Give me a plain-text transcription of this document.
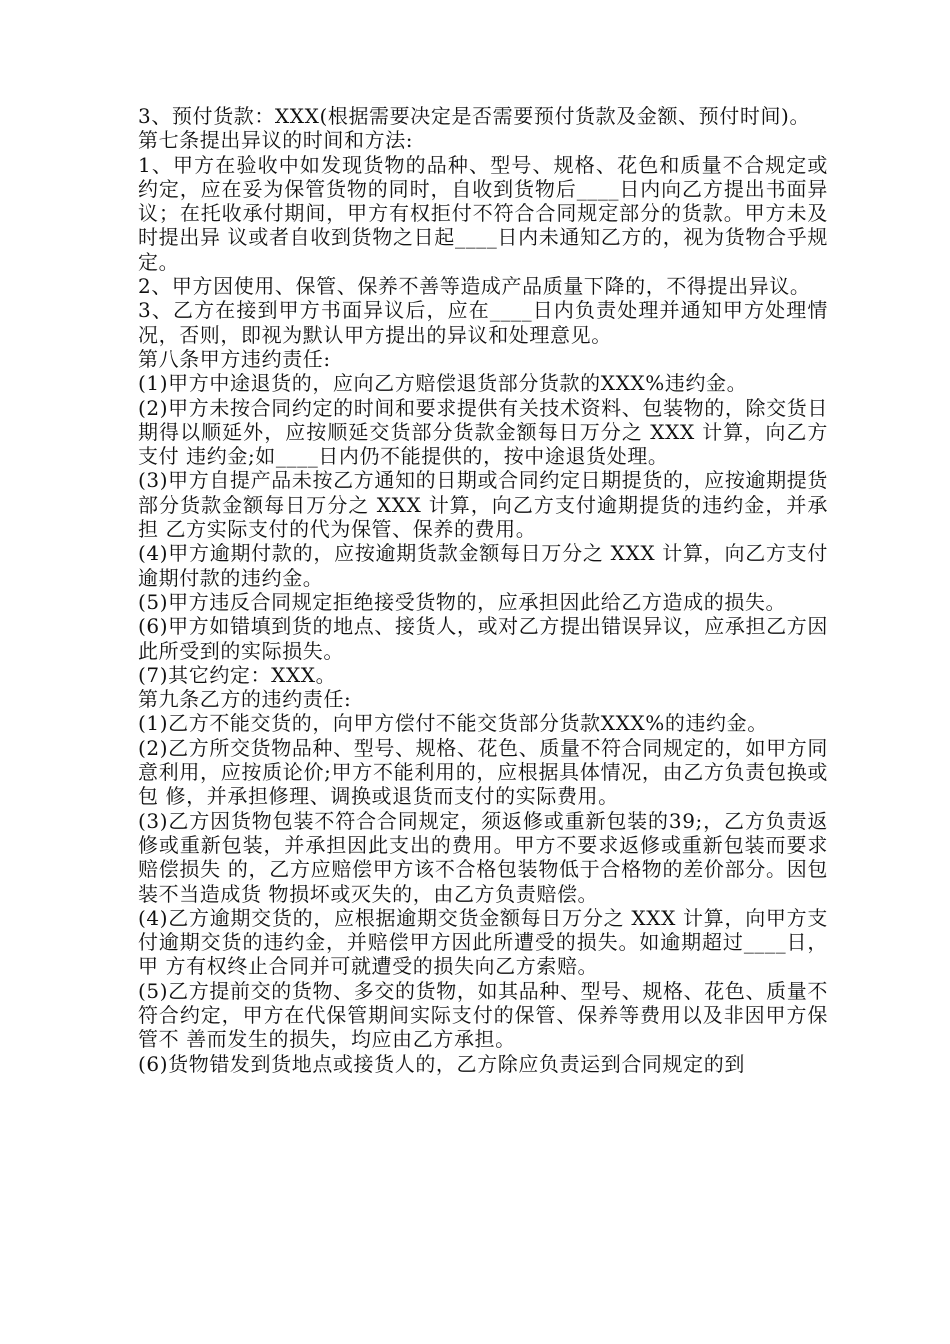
3、预付货款：XXX(根据需要决定是否需要预付货款及金额、预付时间)。

第七条提出异议的时间和方法:

1、甲方在验收中如发现货物的品种、型号、规格、花色和质量不合规定或约定，应在妥为保管货物的同时，自收到货物后____日内向乙方提出书面异议；在托收承付期间，甲方有权拒付不符合合同规定部分的货款。甲方未及时提出异 议或者自收到货物之日起____日内未通知乙方的，视为货物合乎规定。

2、甲方因使用、保管、保养不善等造成产品质量下降的，不得提出异议。

3、乙方在接到甲方书面异议后，应在____日内负责处理并通知甲方处理情况，否则，即视为默认甲方提出的异议和处理意见。

第八条甲方违约责任:

(1)甲方中途退货的，应向乙方赔偿退货部分货款的XXX%违约金。

(2)甲方未按合同约定的时间和要求提供有关技术资料、包装物的，除交货日期得以顺延外，应按顺延交货部分货款金额每日万分之 XXX 计算，向乙方支付 违约金;如____日内仍不能提供的，按中途退货处理。

(3)甲方自提产品未按乙方通知的日期或合同约定日期提货的，应按逾期提货部分货款金额每日万分之 XXX 计算，向乙方支付逾期提货的违约金，并承担 乙方实际支付的代为保管、保养的费用。

(4)甲方逾期付款的，应按逾期货款金额每日万分之 XXX 计算，向乙方支付逾期付款的违约金。

(5)甲方违反合同规定拒绝接受货物的，应承担因此给乙方造成的损失。

(6)甲方如错填到货的地点、接货人，或对乙方提出错误异议，应承担乙方因此所受到的实际损失。

(7)其它约定：XXX。

第九条乙方的违约责任:

(1)乙方不能交货的，向甲方偿付不能交货部分货款XXX%的违约金。

(2)乙方所交货物品种、型号、规格、花色、质量不符合同规定的，如甲方同意利用，应按质论价;甲方不能利用的，应根据具体情况，由乙方负责包换或包 修，并承担修理、调换或退货而支付的实际费用。

(3)乙方因货物包装不符合合同规定，须返修或重新包装的39;，乙方负责返修或重新包装，并承担因此支出的费用。甲方不要求返修或重新包装而要求赔偿损失 的，乙方应赔偿甲方该不合格包装物低于合格物的差价部分。因包装不当造成货 物损坏或灭失的，由乙方负责赔偿。

(4)乙方逾期交货的，应根据逾期交货金额每日万分之 XXX 计算，向甲方支付逾期交货的违约金，并赔偿甲方因此所遭受的损失。如逾期超过____日，甲 方有权终止合同并可就遭受的损失向乙方索赔。

(5)乙方提前交的货物、多交的货物，如其品种、型号、规格、花色、质量不符合约定，甲方在代保管期间实际支付的保管、保养等费用以及非因甲方保管不 善而发生的损失，均应由乙方承担。

(6)货物错发到货地点或接货人的，乙方除应负责运到合同规定的到
